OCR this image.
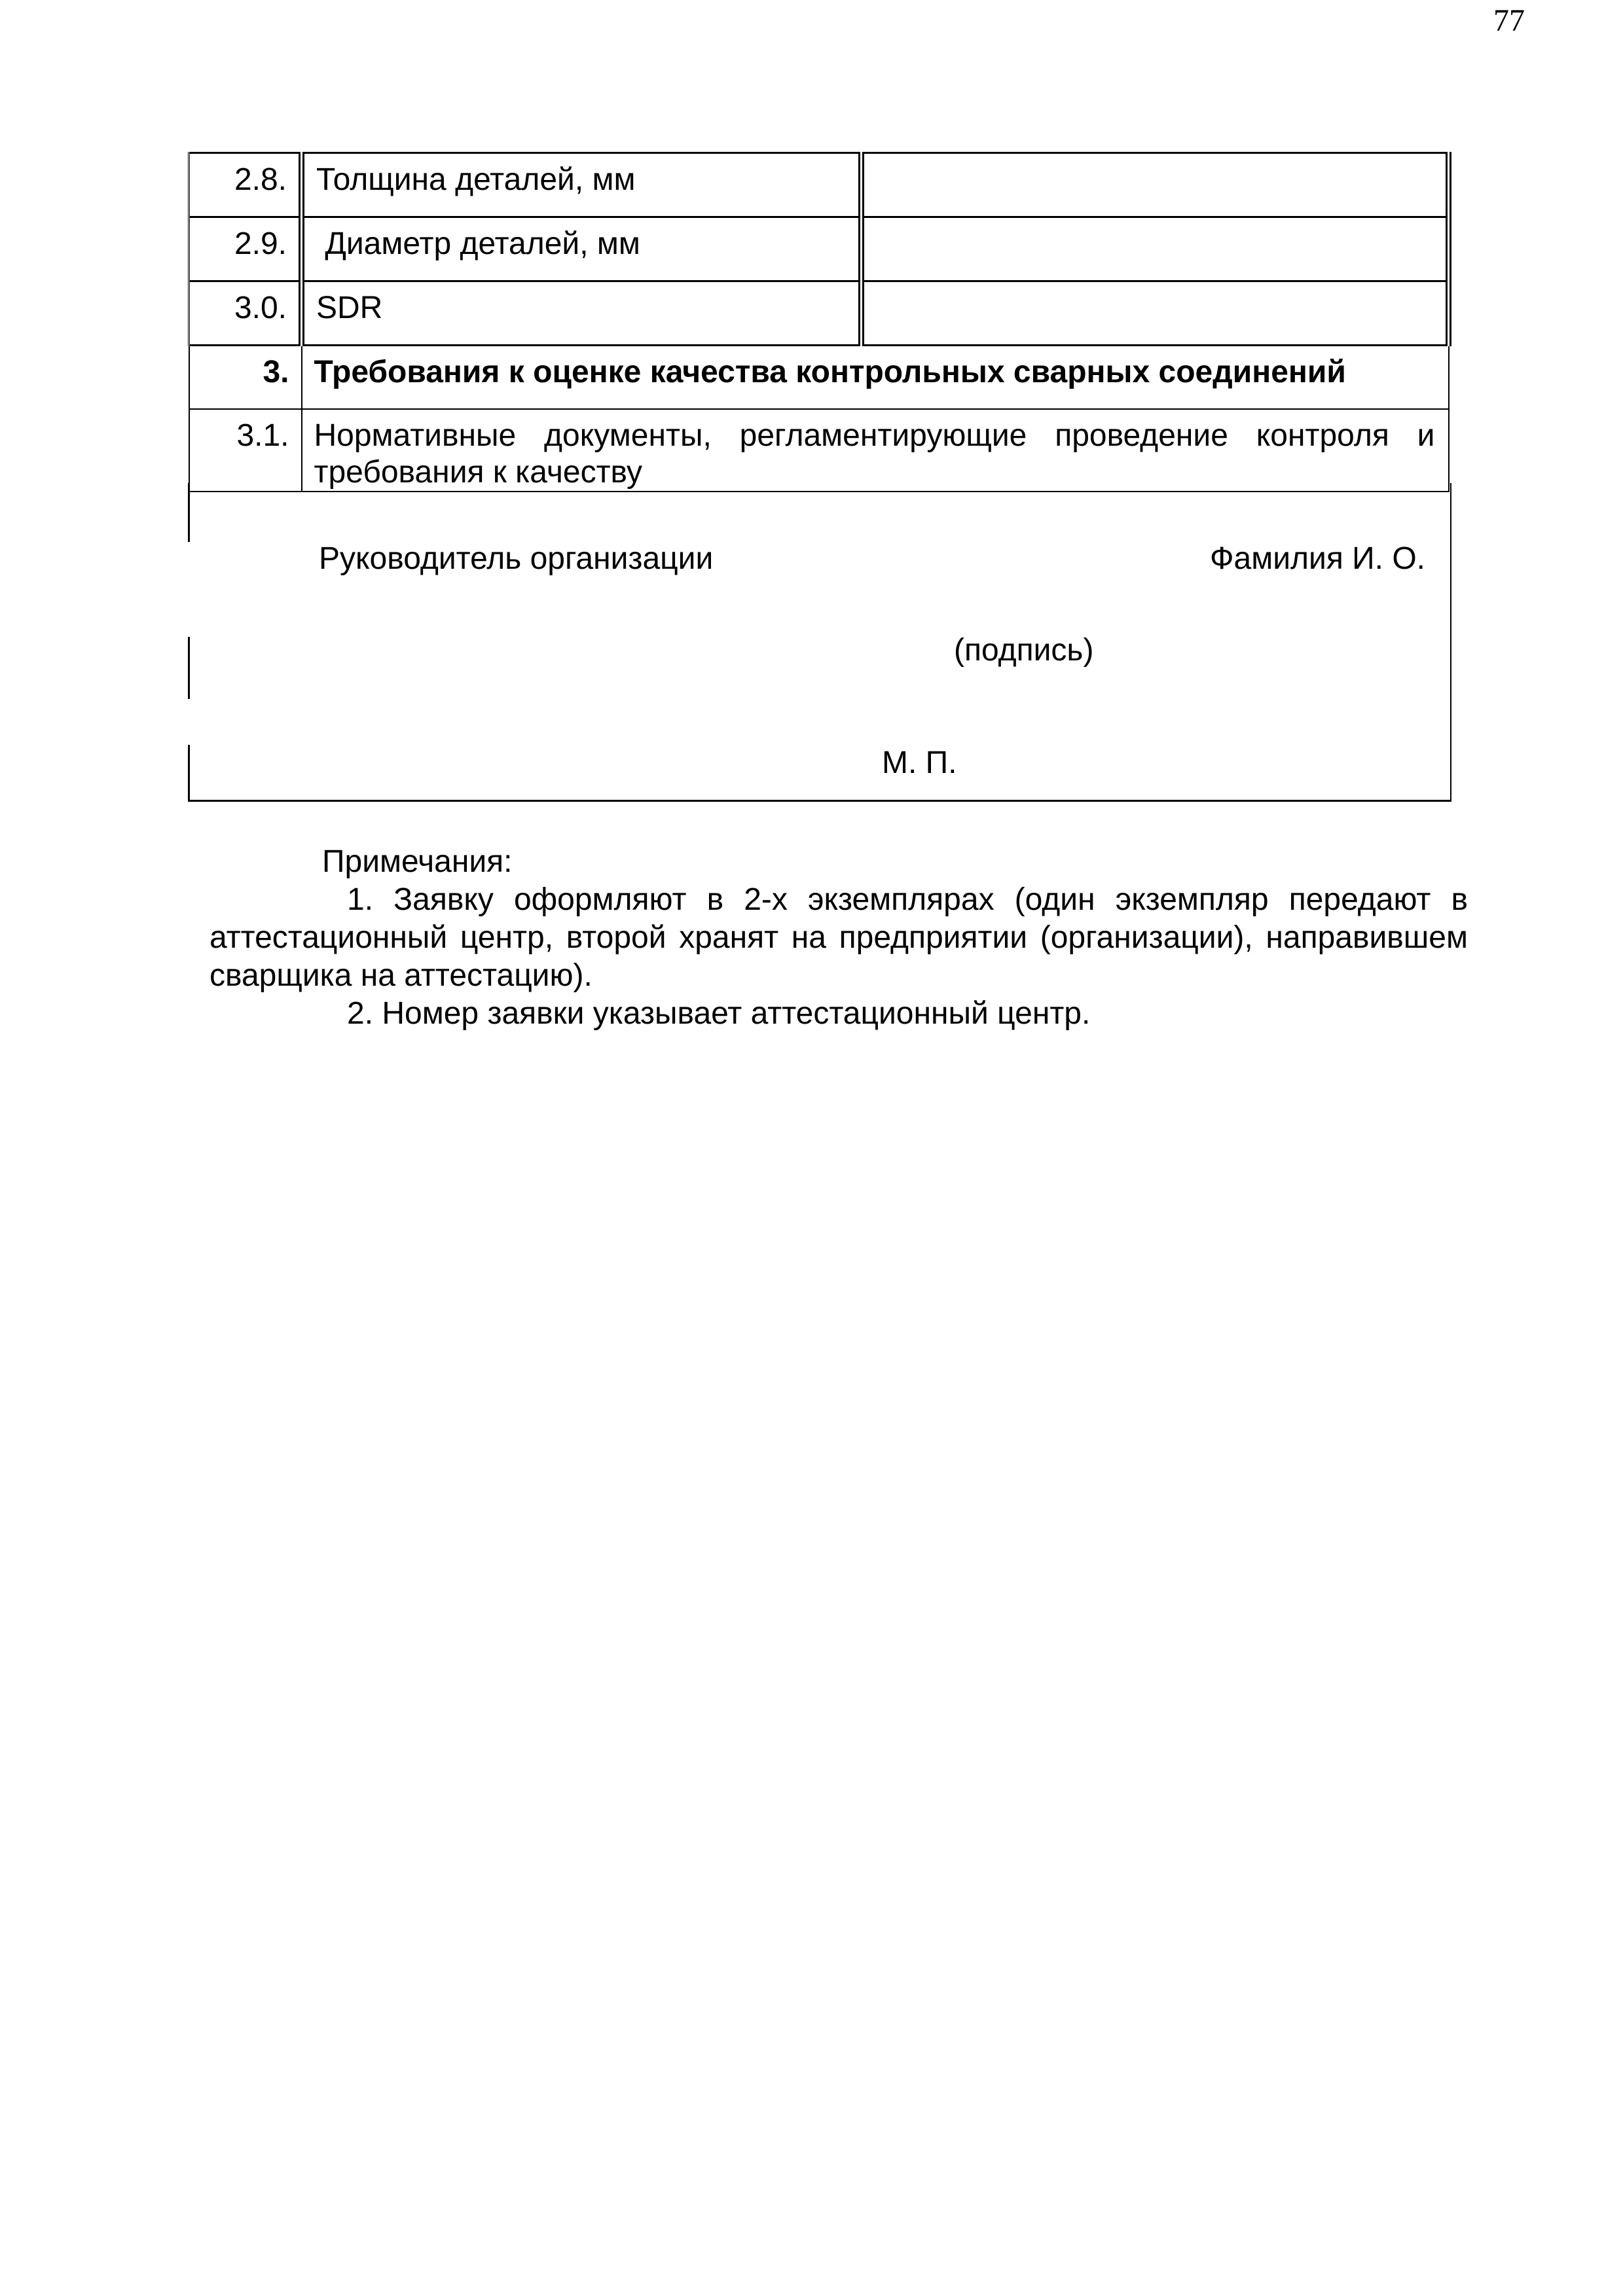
77
2.8.	Толщина деталей, мм	
2.9.	Диаметр деталей, мм	
3.0.	SDR	
3.	Требования к оценке качества контрольных сварных соединений	
3.1.	Нормативные документы, регламентирующие проведение контроля и требования к качеству	
Руководитель организации	Фамилия И. О.
(подпись)
М. П.
Примечания:
1. Заявку оформляют в 2-х экземплярах (один экземпляр передают в аттестационный центр, второй хранят на предприятии (организации), направившем сварщика на аттестацию).
2. Номер заявки указывает аттестационный центр.
